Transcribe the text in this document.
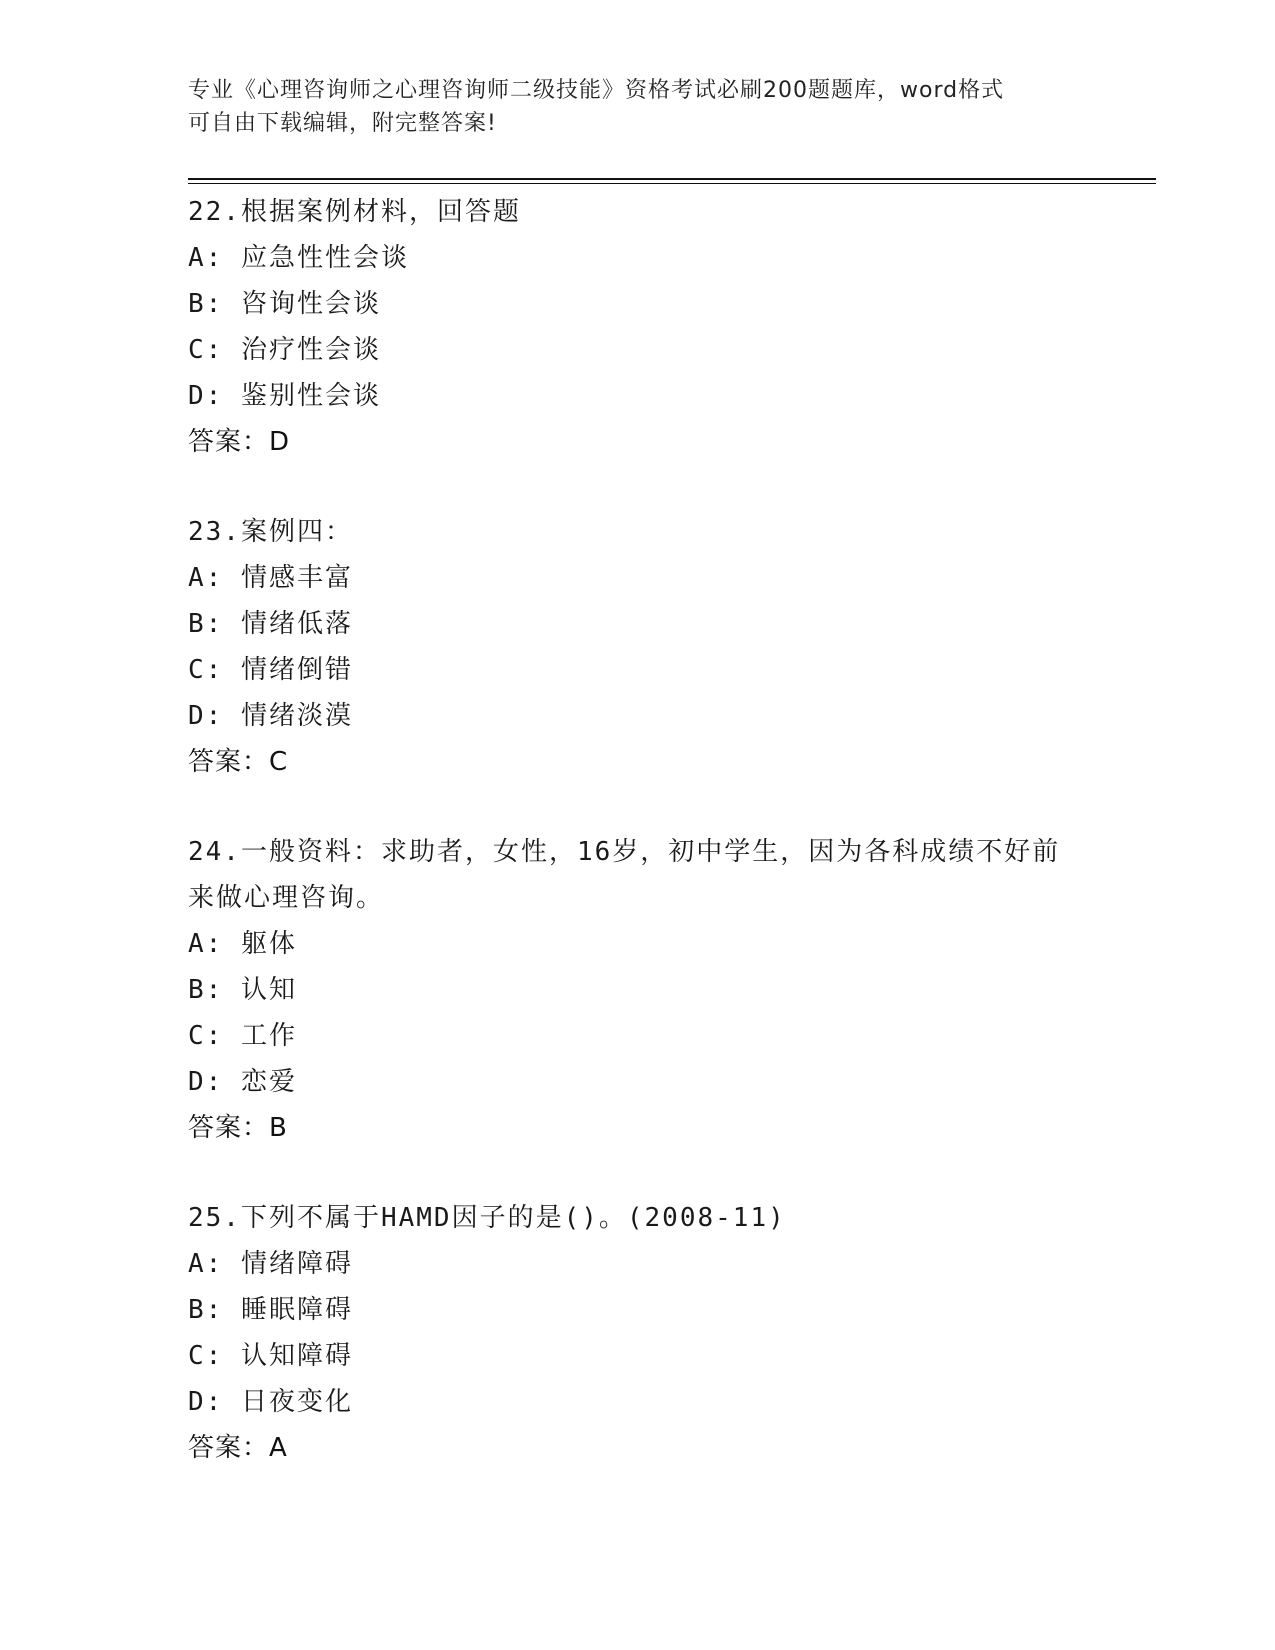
专业《心理咨询师之心理咨询师二级技能》资格考试必刷200题题库，word格式
可自由下载编辑，附完整答案!
22.根据案例材料，回答题
A: 应急性性会谈
B: 咨询性会谈
C: 治疗性会谈
D: 鉴别性会谈
答案：D
23.案例四：
A: 情感丰富
B: 情绪低落
C: 情绪倒错
D: 情绪淡漠
答案：C
24.一般资料：求助者，女性，16岁，初中学生，因为各科成绩不好前
来做心理咨询。
A: 躯体
B: 认知
C: 工作
D: 恋爱
答案：B
25.下列不属于HAMD因子的是()。(2008-11)
A: 情绪障碍
B: 睡眠障碍
C: 认知障碍
D: 日夜变化
答案：A
